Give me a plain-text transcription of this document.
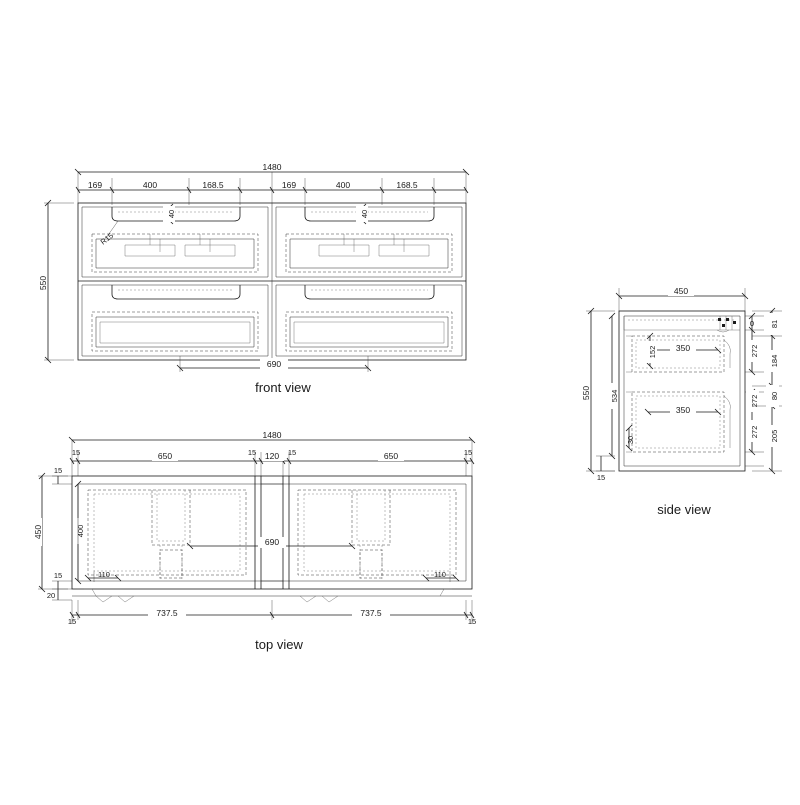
1480
169	400	168.5	169	400	168.5
550
R15
40	40
690
front view
1480
15	650	15 120 15	650	15
15
15
20
450	400
110	110
690
15
737.5	737.5
15
top view
450
550	534
15
350
152
350
30
0
272
272
272
81
184
80
205
side view
